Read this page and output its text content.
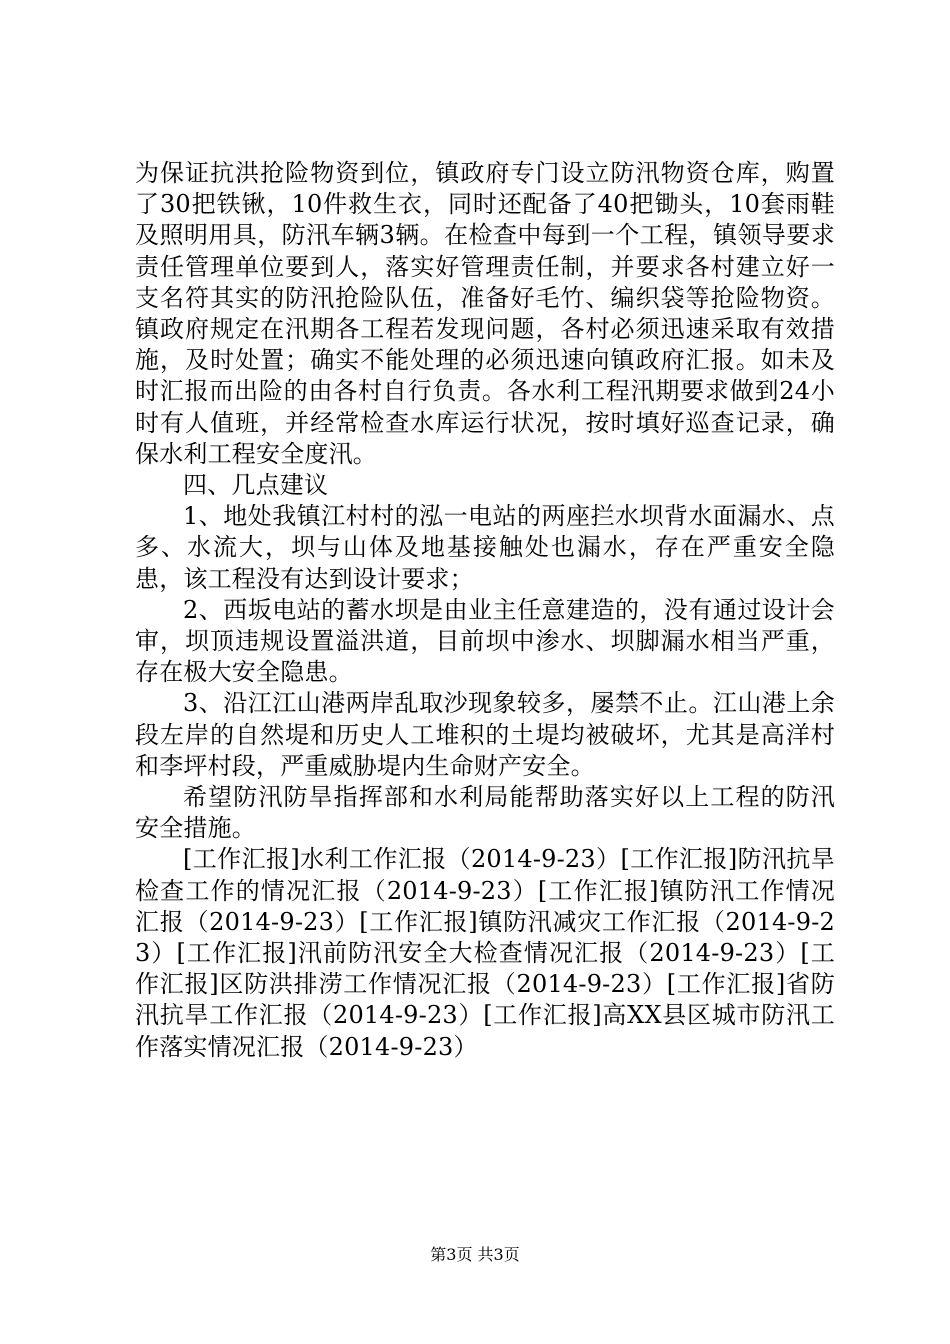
为保证抗洪抢险物资到位，镇政府专门设立防汛物资仓库，购置了30把铁锹，10件救生衣，同时还配备了40把锄头，10套雨鞋及照明用具，防汛车辆3辆。在检查中每到一个工程，镇领导要求责任管理单位要到人，落实好管理责任制，并要求各村建立好一支名符其实的防汛抢险队伍，准备好毛竹、编织袋等抢险物资。镇政府规定在汛期各工程若发现问题，各村必须迅速采取有效措施，及时处置；确实不能处理的必须迅速向镇政府汇报。如未及时汇报而出险的由各村自行负责。各水利工程汛期要求做到24小时有人值班，并经常检查水库运行状况，按时填好巡查记录，确保水利工程安全度汛。

四、几点建议

1、地处我镇江村村的泓一电站的两座拦水坝背水面漏水、点多、水流大，坝与山体及地基接触处也漏水，存在严重安全隐患，该工程没有达到设计要求；

2、西坂电站的蓄水坝是由业主任意建造的，没有通过设计会审，坝顶违规设置溢洪道，目前坝中渗水、坝脚漏水相当严重，存在极大安全隐患。

3、沿江江山港两岸乱取沙现象较多，屡禁不止。江山港上余段左岸的自然堤和历史人工堆积的土堤均被破坏，尤其是高洋村和李坪村段，严重威胁堤内生命财产安全。

希望防汛防旱指挥部和水利局能帮助落实好以上工程的防汛安全措施。

[工作汇报]水利工作汇报（2014-9-23）[工作汇报]防汛抗旱检查工作的情况汇报（2014-9-23）[工作汇报]镇防汛工作情况汇报（2014-9-23）[工作汇报]镇防汛减灾工作汇报（2014-9-23）[工作汇报]汛前防汛安全大检查情况汇报（2014-9-23）[工作汇报]区防洪排涝工作情况汇报（2014-9-23）[工作汇报]省防汛抗旱工作汇报（2014-9-23）[工作汇报]高XX县区城市防汛工作落实情况汇报（2014-9-23）

第3页 共3页
